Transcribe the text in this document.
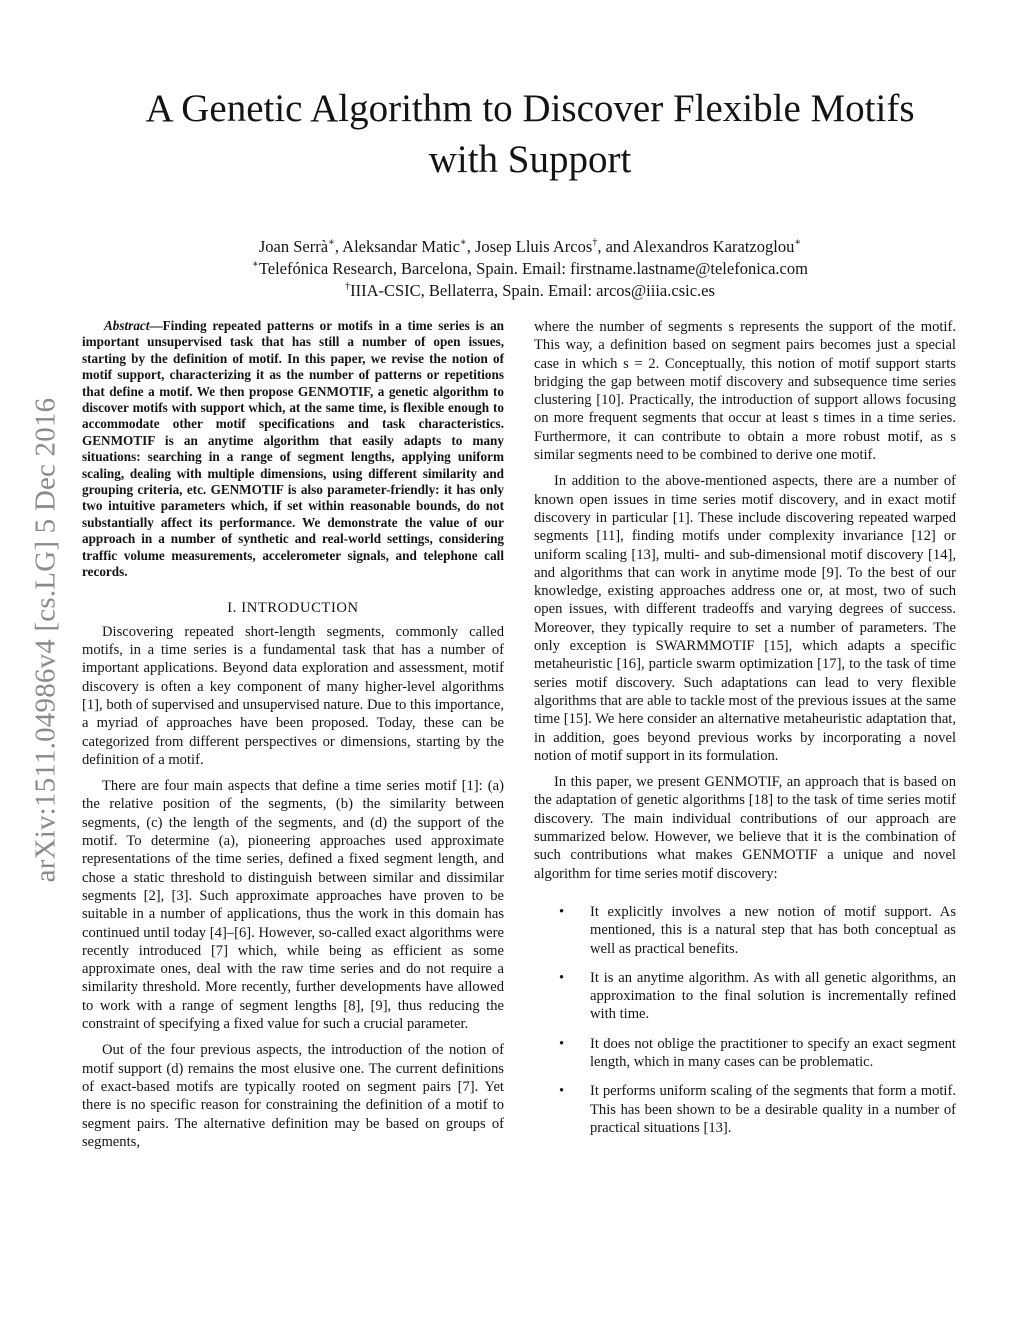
arXiv:1511.04986v4 [cs.LG] 5 Dec 2016
A Genetic Algorithm to Discover Flexible Motifs
with Support
Joan Serrà∗, Aleksandar Matic∗, Josep Lluis Arcos†, and Alexandros Karatzoglou∗
∗Telefónica Research, Barcelona, Spain. Email: firstname.lastname@telefonica.com
†IIIA-CSIC, Bellaterra, Spain. Email: arcos@iiia.csic.es

Abstract—Finding repeated patterns or motifs in a time series is an important unsupervised task that has still a number of open issues, starting by the definition of motif. In this paper, we revise the notion of motif support, characterizing it as the number of patterns or repetitions that define a motif. We then propose GENMOTIF, a genetic algorithm to discover motifs with support which, at the same time, is flexible enough to accommodate other motif specifications and task characteristics. GENMOTIF is an anytime algorithm that easily adapts to many situations: searching in a range of segment lengths, applying uniform scaling, dealing with multiple dimensions, using different similarity and grouping criteria, etc. GENMOTIF is also parameter-friendly: it has only two intuitive parameters which, if set within reasonable bounds, do not substantially affect its performance. We demonstrate the value of our approach in a number of synthetic and real-world settings, considering traffic volume measurements, accelerometer signals, and telephone call records.

I. INTRODUCTION

Discovering repeated short-length segments, commonly called motifs, in a time series is a fundamental task that has a number of important applications. Beyond data exploration and assessment, motif discovery is often a key component of many higher-level algorithms [1], both of supervised and unsupervised nature. Due to this importance, a myriad of approaches have been proposed. Today, these can be categorized from different perspectives or dimensions, starting by the definition of a motif.

There are four main aspects that define a time series motif [1]: (a) the relative position of the segments, (b) the similarity between segments, (c) the length of the segments, and (d) the support of the motif. To determine (a), pioneering approaches used approximate representations of the time series, defined a fixed segment length, and chose a static threshold to distinguish between similar and dissimilar segments [2], [3]. Such approximate approaches have proven to be suitable in a number of applications, thus the work in this domain has continued until today [4]–[6]. However, so-called exact algorithms were recently introduced [7] which, while being as efficient as some approximate ones, deal with the raw time series and do not require a similarity threshold. More recently, further developments have allowed to work with a range of segment lengths [8], [9], thus reducing the constraint of specifying a fixed value for such a crucial parameter.

Out of the four previous aspects, the introduction of the notion of motif support (d) remains the most elusive one. The current definitions of exact-based motifs are typically rooted on segment pairs [7]. Yet there is no specific reason for constraining the definition of a motif to segment pairs. The alternative definition may be based on groups of segments,

where the number of segments s represents the support of the motif. This way, a definition based on segment pairs becomes just a special case in which s = 2. Conceptually, this notion of motif support starts bridging the gap between motif discovery and subsequence time series clustering [10]. Practically, the introduction of support allows focusing on more frequent segments that occur at least s times in a time series. Furthermore, it can contribute to obtain a more robust motif, as s similar segments need to be combined to derive one motif.

In addition to the above-mentioned aspects, there are a number of known open issues in time series motif discovery, and in exact motif discovery in particular [1]. These include discovering repeated warped segments [11], finding motifs under complexity invariance [12] or uniform scaling [13], multi- and sub-dimensional motif discovery [14], and algorithms that can work in anytime mode [9]. To the best of our knowledge, existing approaches address one or, at most, two of such open issues, with different tradeoffs and varying degrees of success. Moreover, they typically require to set a number of parameters. The only exception is SWARMMOTIF [15], which adapts a specific metaheuristic [16], particle swarm optimization [17], to the task of time series motif discovery. Such adaptations can lead to very flexible algorithms that are able to tackle most of the previous issues at the same time [15]. We here consider an alternative metaheuristic adaptation that, in addition, goes beyond previous works by incorporating a novel notion of motif support in its formulation.

In this paper, we present GENMOTIF, an approach that is based on the adaptation of genetic algorithms [18] to the task of time series motif discovery. The main individual contributions of our approach are summarized below. However, we believe that it is the combination of such contributions what makes GENMOTIF a unique and novel algorithm for time series motif discovery:

• It explicitly involves a new notion of motif support. As mentioned, this is a natural step that has both conceptual as well as practical benefits.
• It is an anytime algorithm. As with all genetic algorithms, an approximation to the final solution is incrementally refined with time.
• It does not oblige the practitioner to specify an exact segment length, which in many cases can be problematic.
• It performs uniform scaling of the segments that form a motif. This has been shown to be a desirable quality in a number of practical situations [13].
